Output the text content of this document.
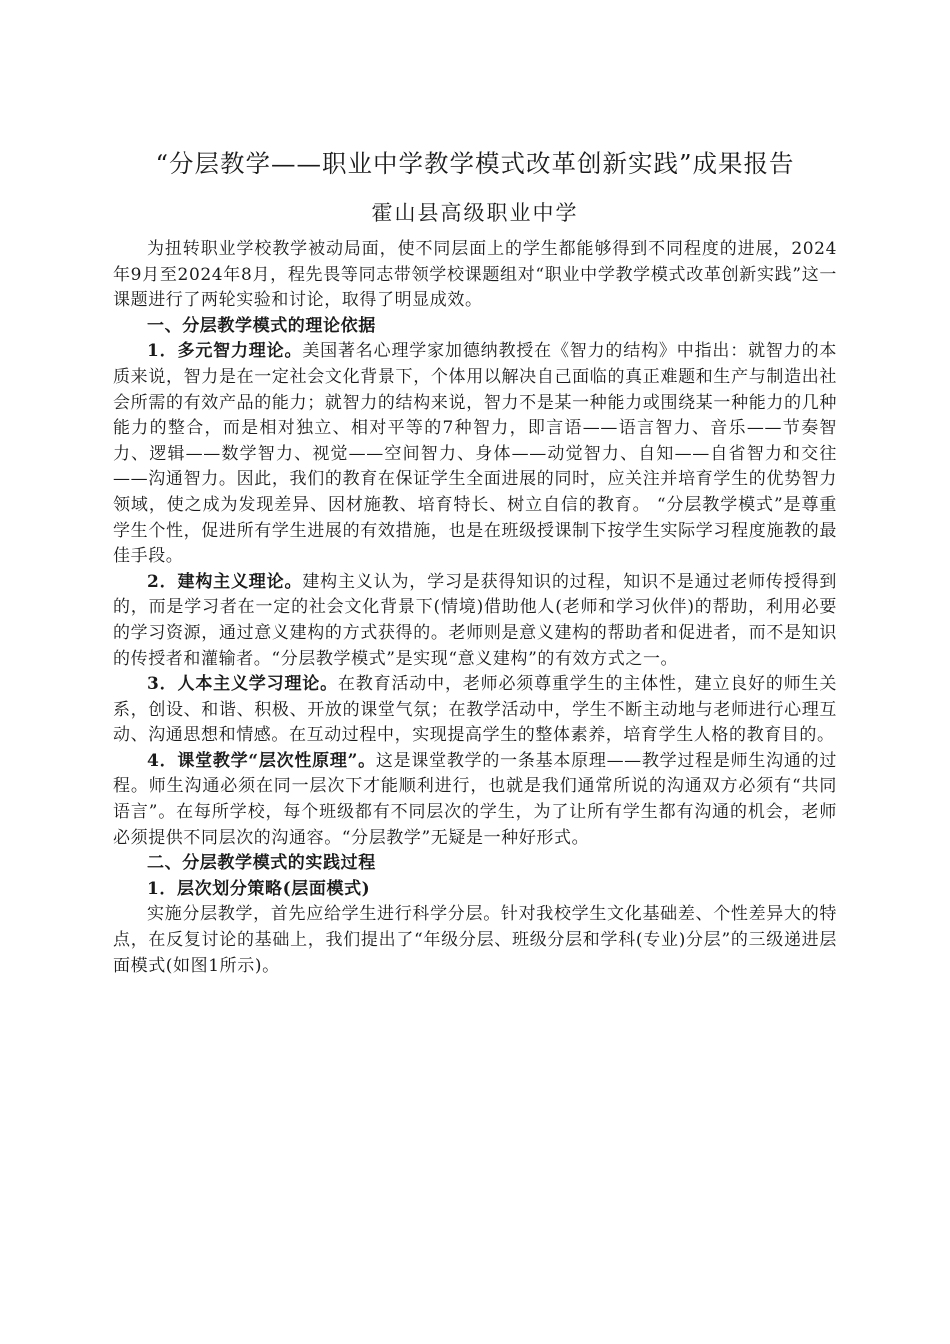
“分层教学——职业中学教学模式改革创新实践”成果报告
霍山县高级职业中学

为扭转职业学校教学被动局面，使不同层面上的学生都能够得到不同程度的进展，2024年9月至2024年8月，程先畏等同志带领学校课题组对“职业中学教学模式改革创新实践”这一课题进行了两轮实验和讨论，取得了明显成效。

一、分层教学模式的理论依据

1．多元智力理论。美国著名心理学家加德纳教授在《智力的结构》中指出：就智力的本质来说，智力是在一定社会文化背景下，个体用以解决自己面临的真正难题和生产与制造出社会所需的有效产品的能力；就智力的结构来说，智力不是某一种能力或围绕某一种能力的几种能力的整合，而是相对独立、相对平等的7种智力，即言语——语言智力、音乐——节奏智力、逻辑——数学智力、视觉——空间智力、身体——动觉智力、自知——自省智力和交往——沟通智力。因此，我们的教育在保证学生全面进展的同时，应关注并培育学生的优势智力领域，使之成为发现差异、因材施教、培育特长、树立自信的教育。 “分层教学模式”是尊重学生个性，促进所有学生进展的有效措施，也是在班级授课制下按学生实际学习程度施教的最佳手段。

2．建构主义理论。建构主义认为，学习是获得知识的过程，知识不是通过老师传授得到的，而是学习者在一定的社会文化背景下(情境)借助他人(老师和学习伙伴)的帮助，利用必要的学习资源，通过意义建构的方式获得的。老师则是意义建构的帮助者和促进者，而不是知识的传授者和灌输者。“分层教学模式”是实现“意义建构”的有效方式之一。

3．人本主义学习理论。在教育活动中，老师必须尊重学生的主体性，建立良好的师生关系，创设、和谐、积极、开放的课堂气氛；在教学活动中，学生不断主动地与老师进行心理互动、沟通思想和情感。在互动过程中，实现提高学生的整体素养，培育学生人格的教育目的。

4．课堂教学“层次性原理”。这是课堂教学的一条基本原理——教学过程是师生沟通的过程。师生沟通必须在同一层次下才能顺利进行，也就是我们通常所说的沟通双方必须有“共同语言”。在每所学校，每个班级都有不同层次的学生，为了让所有学生都有沟通的机会，老师必须提供不同层次的沟通容。“分层教学”无疑是一种好形式。

二、分层教学模式的实践过程

1．层次划分策略(层面模式)

实施分层教学，首先应给学生进行科学分层。针对我校学生文化基础差、个性差异大的特点，在反复讨论的基础上，我们提出了“年级分层、班级分层和学科(专业)分层”的三级递进层面模式(如图1所示)。
